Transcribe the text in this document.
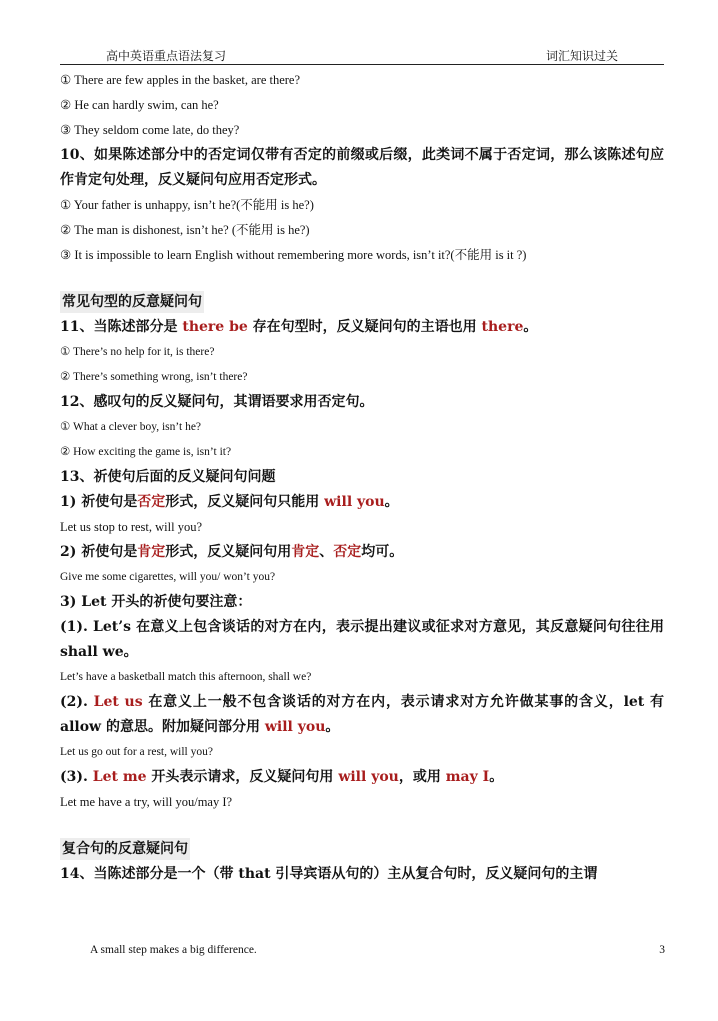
高中英语重点语法复习	词汇知识过关
① There are few apples in the basket, are there?
② He can hardly swim, can he?
③ They seldom come late, do they?
10、如果陈述部分中的否定词仅带有否定的前缀或后缀，此类词不属于否定词，那么该陈述句应作肯定句处理，反义疑问句应用否定形式。
① Your father is unhappy, isn’t he?(不能用 is he?)
② The man is dishonest, isn’t he? (不能用 is he?)
③ It is impossible to learn English without remembering more words, isn’t it?(不能用 is it ?)
常见句型的反意疑问句
11、当陈述部分是 there be 存在句型时，反义疑问句的主语也用 there。
① There’s no help for it, is there?
② There’s something wrong, isn’t there?
12、感叹句的反义疑问句，其谓语要求用否定句。
① What a clever boy, isn’t he?
② How exciting the game is, isn’t it?
13、祈使句后面的反义疑问句问题
1) 祈使句是否定形式，反义疑问句只能用 will you。
Let us stop to rest, will you?
2) 祈使句是肯定形式，反义疑问句用肯定、否定均可。
Give me some cigarettes, will you/ won’t you?
3) Let 开头的祈使句要注意：
(1). Let’s 在意义上包含谈话的对方在内，表示提出建议或征求对方意见，其反意疑问句往往用 shall we。
Let’s have a basketball match this afternoon, shall we?
(2). Let us 在意义上一般不包含谈话的对方在内，表示请求对方允许做某事的含义，let 有 allow 的意思。附加疑问部分用 will you。
Let us go out for a rest, will you?
(3). Let me 开头表示请求，反义疑问句用 will you，或用 may I。
Let me have a try, will you/may I?
复合句的反意疑问句
14、当陈述部分是一个（带 that 引导宾语从句的）主从复合句时，反义疑问句的主谓
A small step makes a big difference.	3
